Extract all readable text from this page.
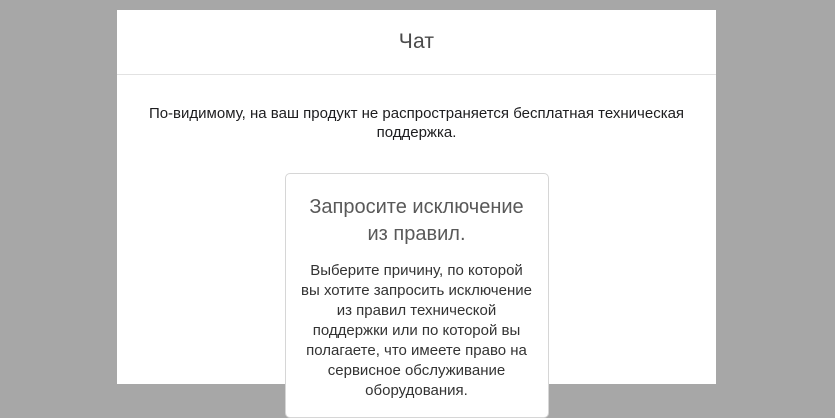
Чат
По-видимому, на ваш продукт не распространяется бесплатная техническая поддержка.
Запросите исключение из правил.

Выберите причину, по которой вы хотите запросить исключение из правил технической поддержки или по которой вы полагаете, что имеете право на сервисное обслуживание оборудования.
